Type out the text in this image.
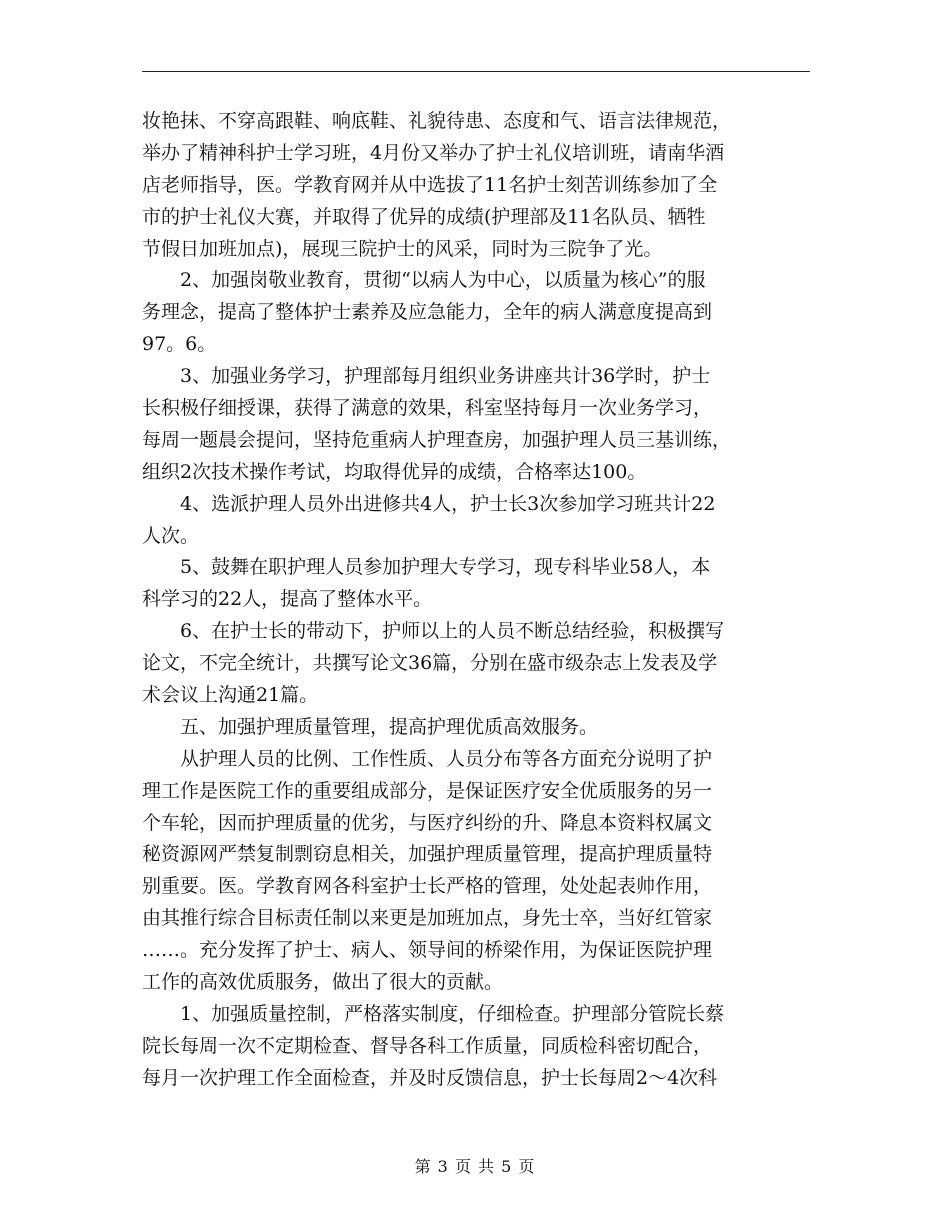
妆艳抹、不穿高跟鞋、响底鞋、礼貌待患、态度和气、语言法律规范，
举办了精神科护士学习班，4月份又举办了护士礼仪培训班，请南华酒
店老师指导，医。学教育网并从中选拔了11名护士刻苦训练参加了全
市的护士礼仪大赛，并取得了优异的成绩(护理部及11名队员、牺牲
节假日加班加点)，展现三院护士的风采，同时为三院争了光。
　　2、加强岗敬业教育，贯彻“以病人为中心，以质量为核心”的服
务理念，提高了整体护士素养及应急能力，全年的病人满意度提高到
97。6。
　　3、加强业务学习，护理部每月组织业务讲座共计36学时，护士
长积极仔细授课，获得了满意的效果，科室坚持每月一次业务学习，
每周一题晨会提问，坚持危重病人护理查房，加强护理人员三基训练，
组织2次技术操作考试，均取得优异的成绩，合格率达100。
　　4、选派护理人员外出进修共4人，护士长3次参加学习班共计22
人次。
　　5、鼓舞在职护理人员参加护理大专学习，现专科毕业58人，本
科学习的22人，提高了整体水平。
　　6、在护士长的带动下，护师以上的人员不断总结经验，积极撰写
论文，不完全统计，共撰写论文36篇，分别在盛市级杂志上发表及学
术会议上沟通21篇。
　　五、加强护理质量管理，提高护理优质高效服务。
　　从护理人员的比例、工作性质、人员分布等各方面充分说明了护
理工作是医院工作的重要组成部分，是保证医疗安全优质服务的另一
个车轮，因而护理质量的优劣，与医疗纠纷的升、降息本资料权属文
秘资源网严禁复制剽窃息相关，加强护理质量管理，提高护理质量特
别重要。医。学教育网各科室护士长严格的管理，处处起表帅作用，
由其推行综合目标责任制以来更是加班加点，身先士卒，当好红管家
……。充分发挥了护士、病人、领导间的桥梁作用，为保证医院护理
工作的高效优质服务，做出了很大的贡献。
　　1、加强质量控制，严格落实制度，仔细检查。护理部分管院长蔡
院长每周一次不定期检查、督导各科工作质量，同质检科密切配合，
每月一次护理工作全面检查，并及时反馈信息，护士长每周2～4次科
第 3 页 共 5 页
